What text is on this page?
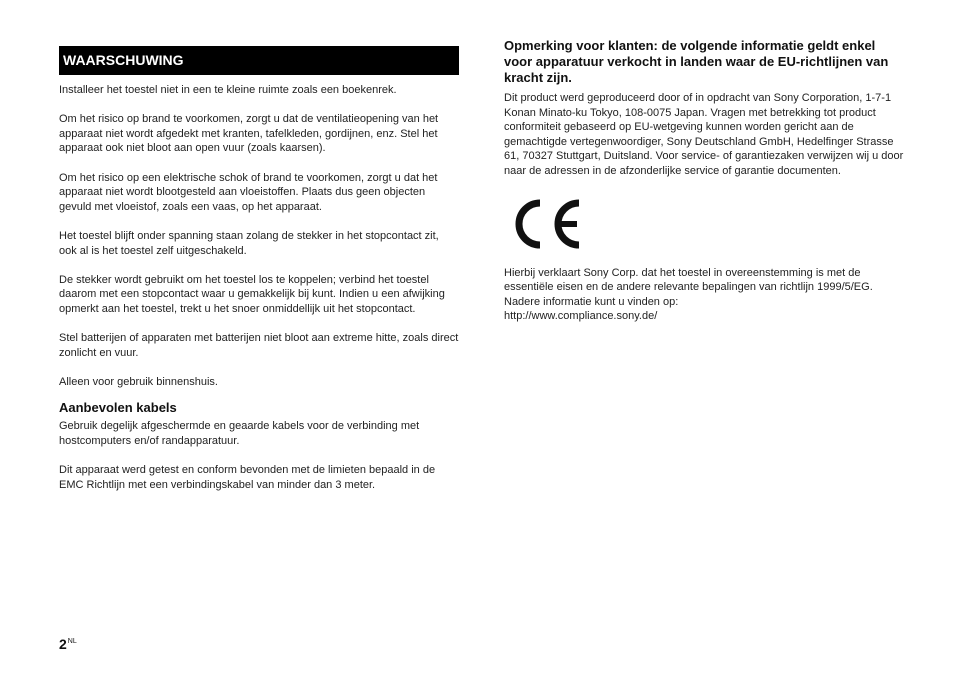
WAARSCHUWING

Installeer het toestel niet in een te kleine ruimte zoals een boekenrek.

Om het risico op brand te voorkomen, zorgt u dat de ventilatieopening van het apparaat niet wordt afgedekt met kranten, tafelkleden, gordijnen, enz. Stel het apparaat ook niet bloot aan open vuur (zoals kaarsen).

Om het risico op een elektrische schok of brand te voorkomen, zorgt u dat het apparaat niet wordt blootgesteld aan vloeistoffen. Plaats dus geen objecten gevuld met vloeistof, zoals een vaas, op het apparaat.

Het toestel blijft onder spanning staan zolang de stekker in het stopcontact zit, ook al is het toestel zelf uitgeschakeld.

De stekker wordt gebruikt om het toestel los te koppelen; verbind het toestel daarom met een stopcontact waar u gemakkelijk bij kunt. Indien u een afwijking opmerkt aan het toestel, trekt u het snoer onmiddellijk uit het stopcontact.

Stel batterijen of apparaten met batterijen niet bloot aan extreme hitte, zoals direct zonlicht en vuur.

Alleen voor gebruik binnenshuis.

Aanbevolen kabels

Gebruik degelijk afgeschermde en geaarde kabels voor de verbinding met hostcomputers en/of randapparatuur.

Dit apparaat werd getest en conform bevonden met de limieten bepaald in de EMC Richtlijn met een verbindingskabel van minder dan 3 meter.

Opmerking voor klanten: de volgende informatie geldt enkel voor apparatuur verkocht in landen waar de EU-richtlijnen van kracht zijn.

Dit product werd geproduceerd door of in opdracht van Sony Corporation, 1-7-1 Konan Minato-ku Tokyo, 108-0075 Japan. Vragen met betrekking tot product conformiteit gebaseerd op EU-wetgeving kunnen worden gericht aan de gemachtigde vertegenwoordiger, Sony Deutschland GmbH, Hedelfinger Strasse 61, 70327 Stuttgart, Duitsland. Voor service- of garantiezaken verwijzen wij u door naar de adressen in de afzonderlijke service of garantie documenten.

Hierbij verklaart Sony Corp. dat het toestel in overeenstemming is met de essentiële eisen en de andere relevante bepalingen van richtlijn 1999/5/EG.

Nadere informatie kunt u vinden op:

http://www.compliance.sony.de/

$2^{NL}$
